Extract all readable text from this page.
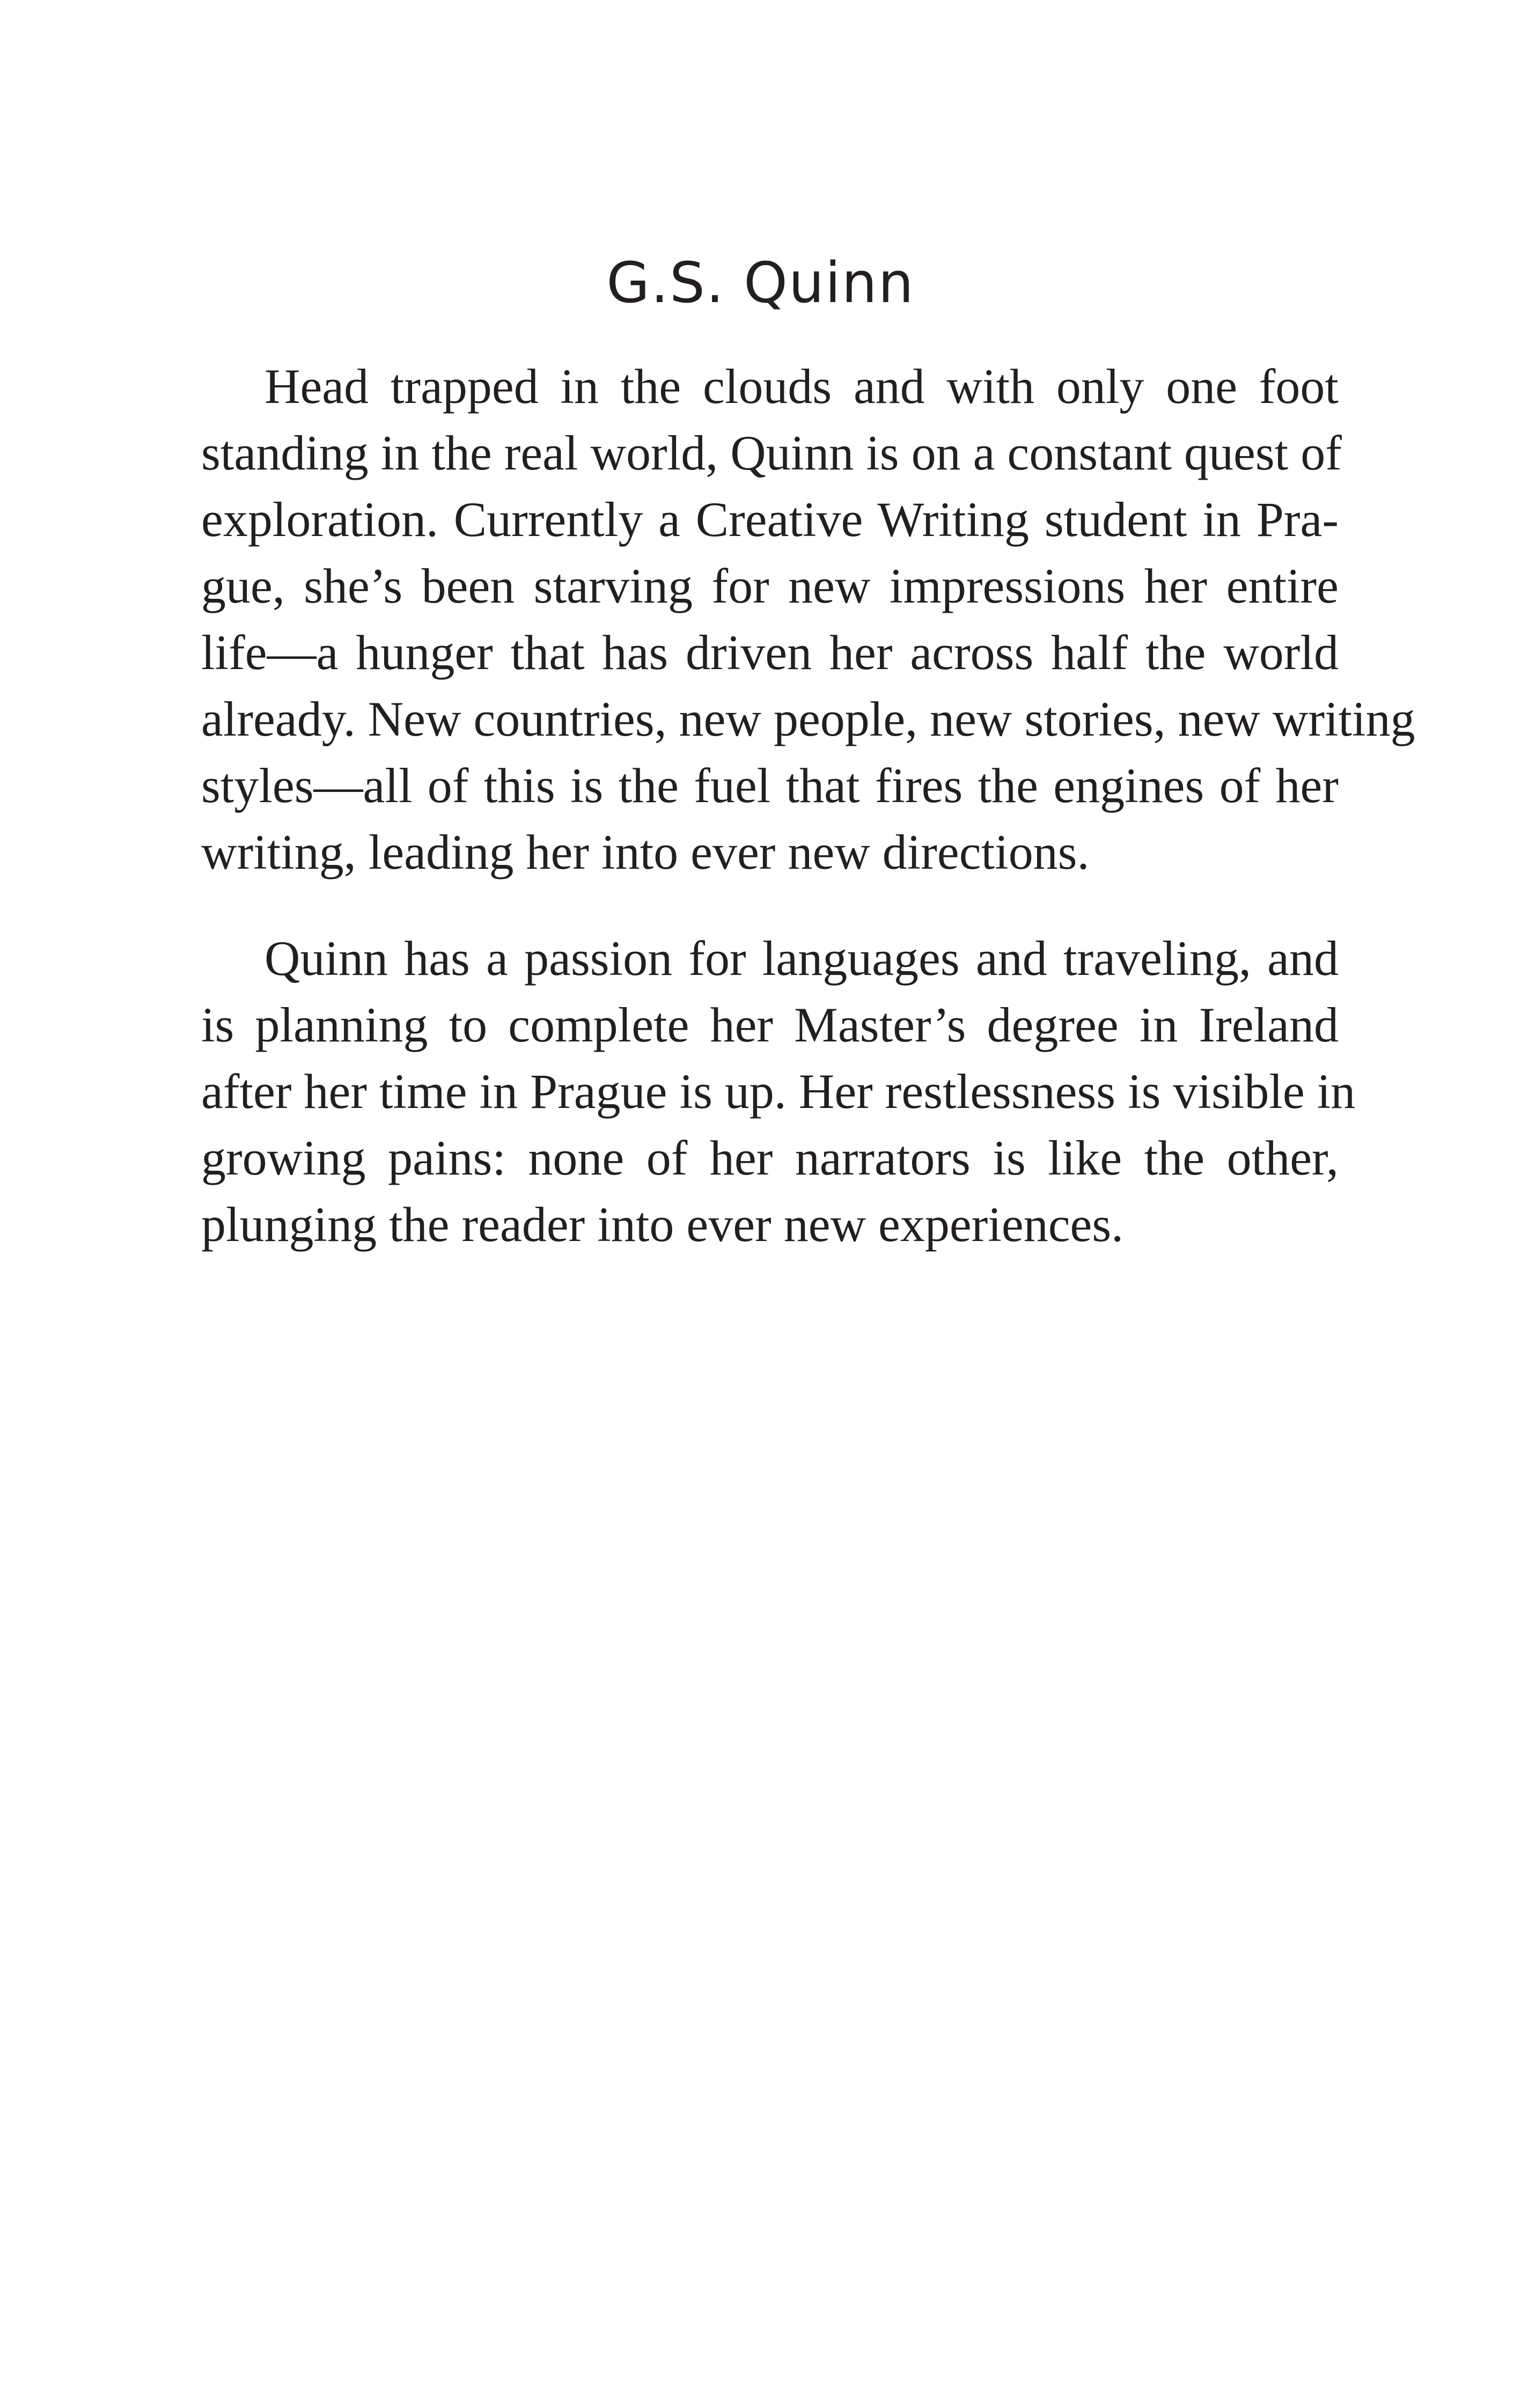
G.S. Quinn
Head trapped in the clouds and with only one foot
standing in the real world, Quinn is on a constant quest of
exploration. Currently a Creative Writing student in Pra-
gue, she’s been starving for new impressions her entire
life—a hunger that has driven her across half the world
already. New countries, new people, new stories, new writing
styles—all of this is the fuel that fires the engines of her
writing, leading her into ever new directions.
Quinn has a passion for languages and traveling, and
is planning to complete her Master’s degree in Ireland
after her time in Prague is up. Her restlessness is visible in
growing pains: none of her narrators is like the other,
plunging the reader into ever new experiences.
